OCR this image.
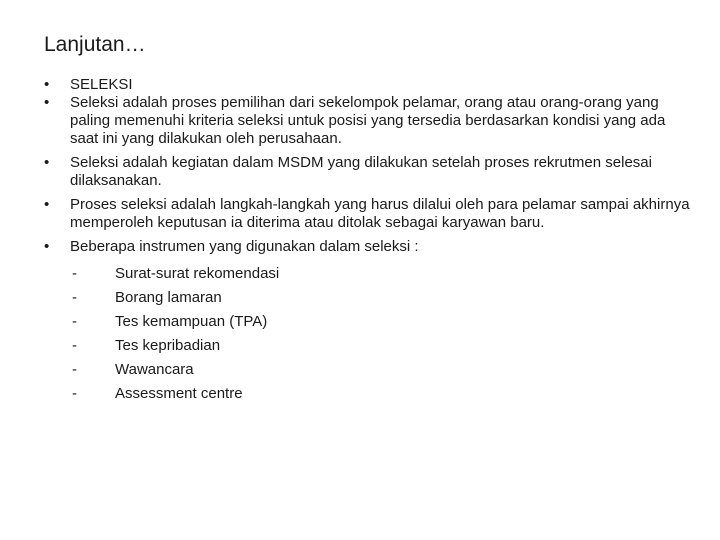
Lanjutan…
•	SELEKSI
•	Seleksi adalah proses pemilihan dari sekelompok pelamar, orang atau orang-orang yang paling memenuhi kriteria seleksi untuk posisi yang tersedia berdasarkan kondisi yang ada saat ini yang dilakukan oleh perusahaan.
•	Seleksi adalah kegiatan dalam MSDM yang dilakukan setelah proses rekrutmen selesai dilaksanakan.
•	Proses seleksi adalah langkah-langkah yang harus dilalui oleh para pelamar sampai akhirnya memperoleh keputusan ia diterima atau ditolak sebagai karyawan baru.
•	Beberapa instrumen yang digunakan dalam seleksi :
-	Surat-surat rekomendasi
-	Borang lamaran
-	Tes kemampuan (TPA)
-	Tes kepribadian
-	Wawancara
-	Assessment centre
